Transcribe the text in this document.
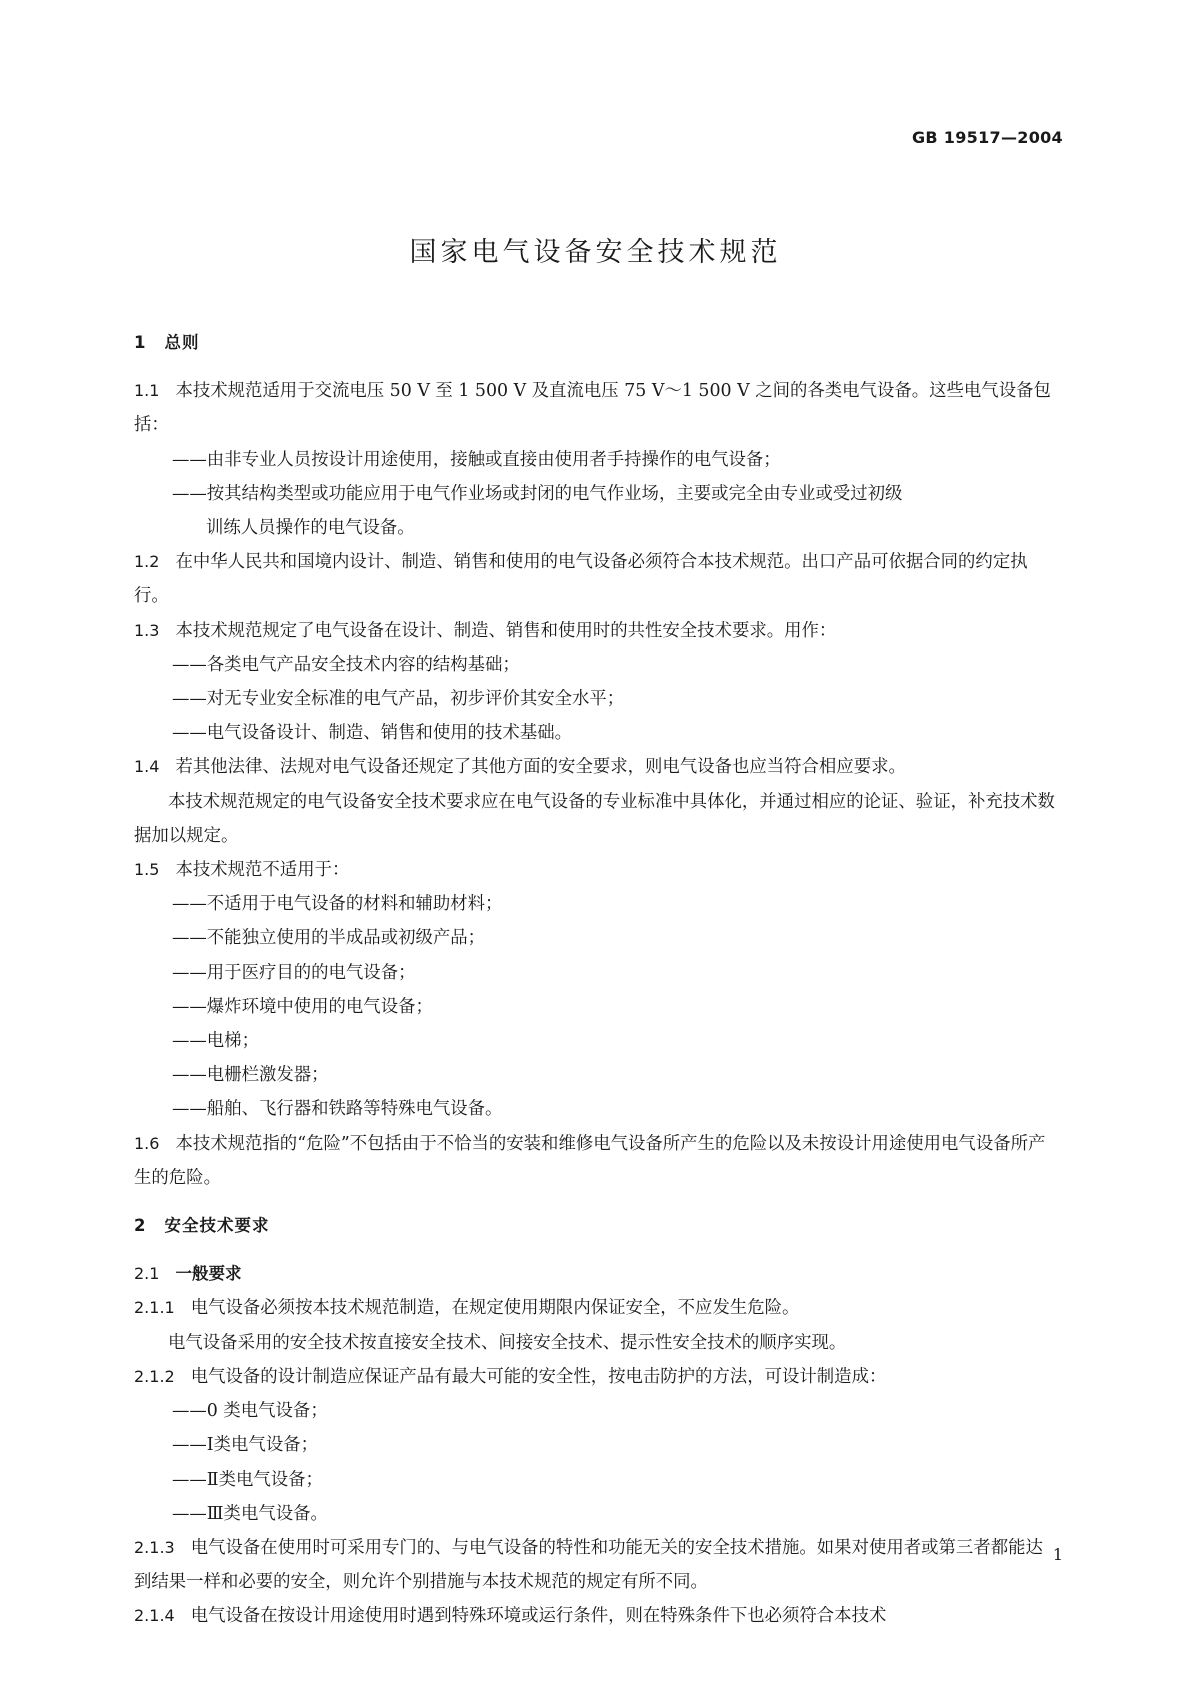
GB 19517—2004
国家电气设备安全技术规范

1 总则

1.1 本技术规范适用于交流电压 50 V 至 1 500 V 及直流电压 75 V～1 500 V 之间的各类电气设备。这些电气设备包括：

——由非专业人员按设计用途使用，接触或直接由使用者手持操作的电气设备；

——按其结构类型或功能应用于电气作业场或封闭的电气作业场，主要或完全由专业或受过初级

训练人员操作的电气设备。

1.2 在中华人民共和国境内设计、制造、销售和使用的电气设备必须符合本技术规范。出口产品可依据合同的约定执行。

1.3 本技术规范规定了电气设备在设计、制造、销售和使用时的共性安全技术要求。用作：

——各类电气产品安全技术内容的结构基础；

——对无专业安全标准的电气产品，初步评价其安全水平；

——电气设备设计、制造、销售和使用的技术基础。

1.4 若其他法律、法规对电气设备还规定了其他方面的安全要求，则电气设备也应当符合相应要求。

本技术规范规定的电气设备安全技术要求应在电气设备的专业标准中具体化，并通过相应的论证、验证，补充技术数据加以规定。

1.5 本技术规范不适用于：

——不适用于电气设备的材料和辅助材料；

——不能独立使用的半成品或初级产品；

——用于医疗目的的电气设备；

——爆炸环境中使用的电气设备；

——电梯；

——电栅栏激发器；

——船舶、飞行器和铁路等特殊电气设备。

1.6 本技术规范指的“危险”不包括由于不恰当的安装和维修电气设备所产生的危险以及未按设计用途使用电气设备所产生的危险。

2 安全技术要求

2.1 一般要求

2.1.1 电气设备必须按本技术规范制造，在规定使用期限内保证安全，不应发生危险。

电气设备采用的安全技术按直接安全技术、间接安全技术、提示性安全技术的顺序实现。

2.1.2 电气设备的设计制造应保证产品有最大可能的安全性，按电击防护的方法，可设计制造成：

——0 类电气设备；

——Ⅰ类电气设备；

——Ⅱ类电气设备；

——Ⅲ类电气设备。

2.1.3 电气设备在使用时可采用专门的、与电气设备的特性和功能无关的安全技术措施。如果对使用者或第三者都能达到结果一样和必要的安全，则允许个别措施与本技术规范的规定有所不同。

2.1.4 电气设备在按设计用途使用时遇到特殊环境或运行条件，则在特殊条件下也必须符合本技术

1
